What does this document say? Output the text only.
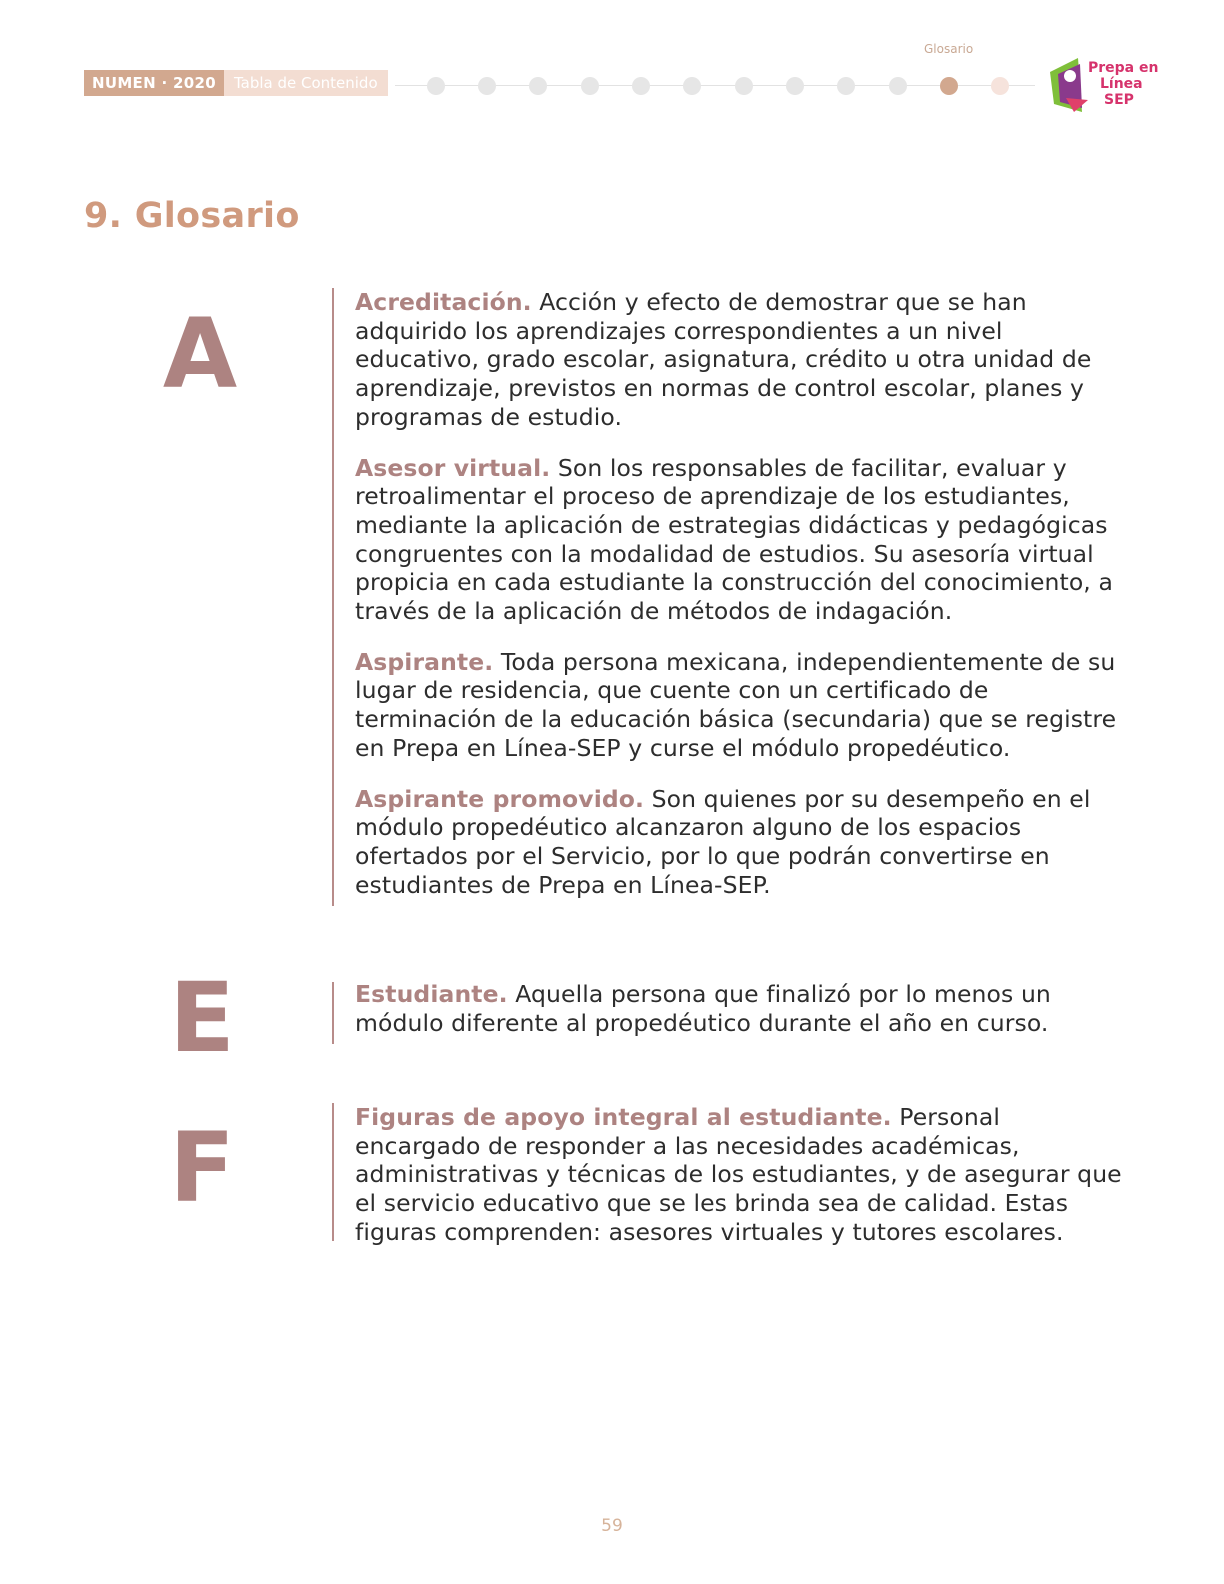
NUMEN · 2020	Tabla de Contenido
Glosario
Prepa en
Línea
SEP
9. Glosario
A	Acreditación. Acción y efecto de demostrar que se han adquirido los aprendizajes correspondientes a un nivel educativo, grado escolar, asignatura, crédito u otra unidad de aprendizaje, previstos en normas de control escolar, planes y programas de estudio.

Asesor virtual. Son los responsables de facilitar, evaluar y retroalimentar el proceso de aprendizaje de los estudiantes, mediante la aplicación de estrategias didácticas y pedagógicas congruentes con la modalidad de estudios. Su asesoría virtual propicia en cada estudiante la construcción del conocimiento, a través de la aplicación de métodos de indagación.

Aspirante. Toda persona mexicana, independientemente de su lugar de residencia, que cuente con un certificado de terminación de la educación básica (secundaria) que se registre en Prepa en Línea-SEP y curse el módulo propedéutico.

Aspirante promovido. Son quienes por su desempeño en el módulo propedéutico alcanzaron alguno de los espacios ofertados por el Servicio, por lo que podrán convertirse en estudiantes de Prepa en Línea-SEP.

E	Estudiante. Aquella persona que finalizó por lo menos un módulo diferente al propedéutico durante el año en curso.

F	Figuras de apoyo integral al estudiante. Personal encargado de responder a las necesidades académicas, administrativas y técnicas de los estudiantes, y de asegurar que el servicio educativo que se les brinda sea de calidad. Estas figuras comprenden: asesores virtuales y tutores escolares.

59
